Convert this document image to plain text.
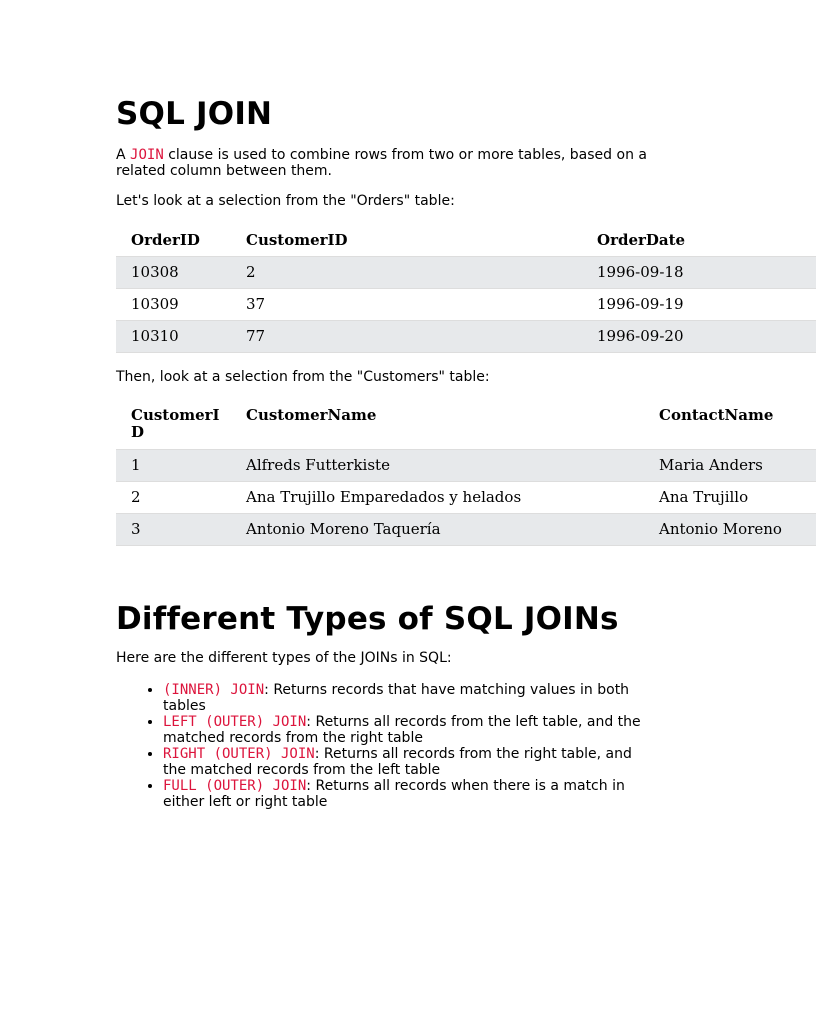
SQL JOIN

A JOIN clause is used to combine rows from two or more tables, based on a related column between them.

Let's look at a selection from the "Orders" table:

OrderID	CustomerID	OrderDate
10308	2	1996-09-18
10309	37	1996-09-19
10310	77	1996-09-20

Then, look at a selection from the "Customers" table:

CustomerID	CustomerName	ContactName
1	Alfreds Futterkiste	Maria Anders
2	Ana Trujillo Emparedados y helados	Ana Trujillo
3	Antonio Moreno Taquería	Antonio Moreno
Different Types of SQL JOINs

Here are the different types of the JOINs in SQL:

• (INNER) JOIN: Returns records that have matching values in both tables
• LEFT (OUTER) JOIN: Returns all records from the left table, and the matched records from the right table
• RIGHT (OUTER) JOIN: Returns all records from the right table, and the matched records from the left table
• FULL (OUTER) JOIN: Returns all records when there is a match in either left or right table
